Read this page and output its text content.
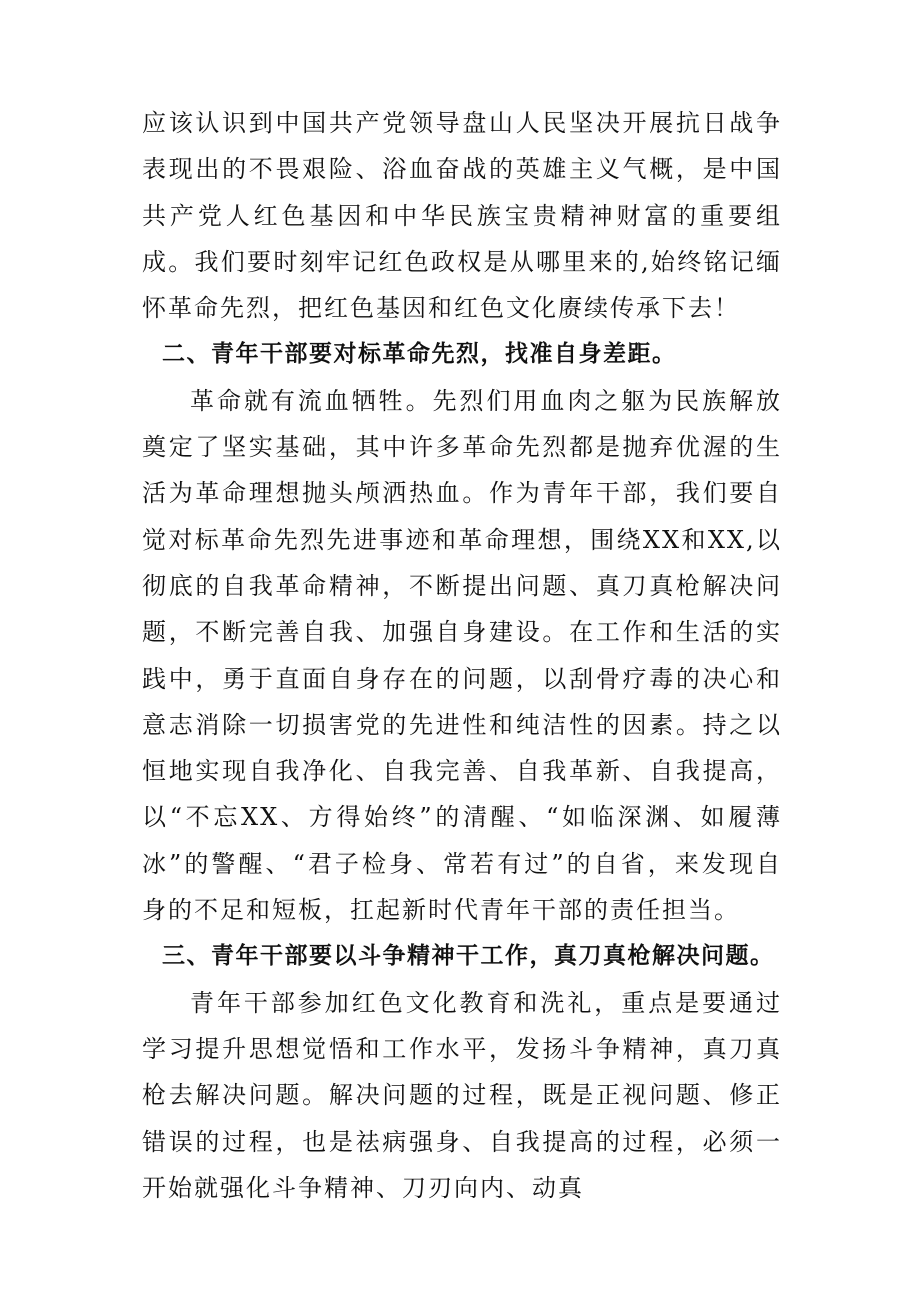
应该认识到中国共产党领导盘山人民坚决开展抗日战争表现出的不畏艰险、浴血奋战的英雄主义气概，是中国共产党人红色基因和中华民族宝贵精神财富的重要组成。我们要时刻牢记红色政权是从哪里来的,始终铭记缅怀革命先烈，把红色基因和红色文化赓续传承下去！

二、青年干部要对标革命先烈，找准自身差距。

革命就有流血牺牲。先烈们用血肉之躯为民族解放奠定了坚实基础，其中许多革命先烈都是抛弃优渥的生活为革命理想抛头颅洒热血。作为青年干部，我们要自觉对标革命先烈先进事迹和革命理想，围绕XX和XX,以彻底的自我革命精神，不断提出问题、真刀真枪解决问题，不断完善自我、加强自身建设。在工作和生活的实践中，勇于直面自身存在的问题，以刮骨疗毒的决心和意志消除一切损害党的先进性和纯洁性的因素。持之以恒地实现自我净化、自我完善、自我革新、自我提高，以“不忘XX、方得始终”的清醒、“如临深渊、如履薄冰”的警醒、“君子检身、常若有过”的自省，来发现自身的不足和短板，扛起新时代青年干部的责任担当。

三、青年干部要以斗争精神干工作，真刀真枪解决问题。

青年干部参加红色文化教育和洗礼，重点是要通过学习提升思想觉悟和工作水平，发扬斗争精神，真刀真枪去解决问题。解决问题的过程，既是正视问题、修正错误的过程，也是祛病强身、自我提高的过程，必须一开始就强化斗争精神、刀刃向内、动真
